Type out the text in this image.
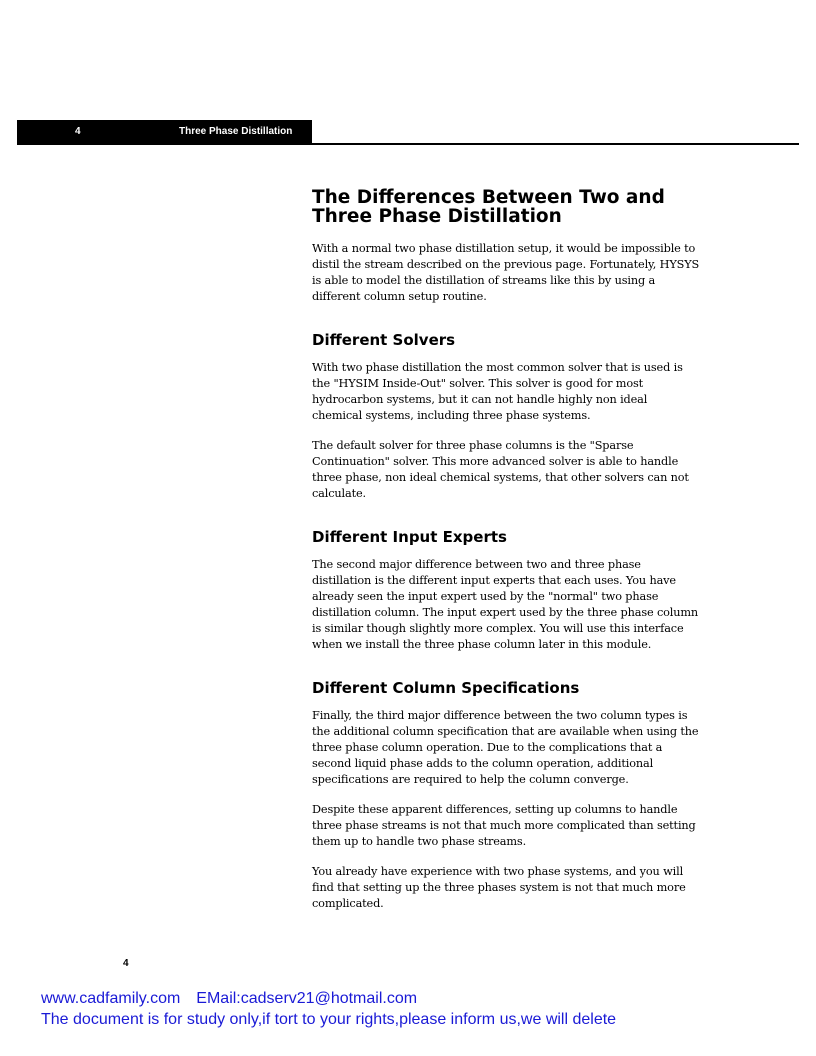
4	Three Phase Distillation
The Differences Between Two and Three Phase Distillation

With a normal two phase distillation setup, it would be impossible to distil the stream described on the previous page. Fortunately, HYSYS is able to model the distillation of streams like this by using a different column setup routine.

Different Solvers

With two phase distillation the most common solver that is used is the "HYSIM Inside-Out" solver. This solver is good for most hydrocarbon systems, but it can not handle highly non ideal chemical systems, including three phase systems.

The default solver for three phase columns is the "Sparse Continuation" solver. This more advanced solver is able to handle three phase, non ideal chemical systems, that other solvers can not calculate.

Different Input Experts

The second major difference between two and three phase distillation is the different input experts that each uses. You have already seen the input expert used by the "normal" two phase distillation column. The input expert used by the three phase column is similar though slightly more complex. You will use this interface when we install the three phase column later in this module.

Different Column Specifications

Finally, the third major difference between the two column types is the additional column specification that are available when using the three phase column operation. Due to the complications that a second liquid phase adds to the column operation, additional specifications are required to help the column converge.

Despite these apparent differences, setting up columns to handle three phase streams is not that much more complicated than setting them up to handle two phase streams.

You already have experience with two phase systems, and you will find that setting up the three phases system is not that much more complicated.

4
www.cadfamily.com EMail:cadserv21@hotmail.com
The document is for study only,if tort to your rights,please inform us,we will delete
